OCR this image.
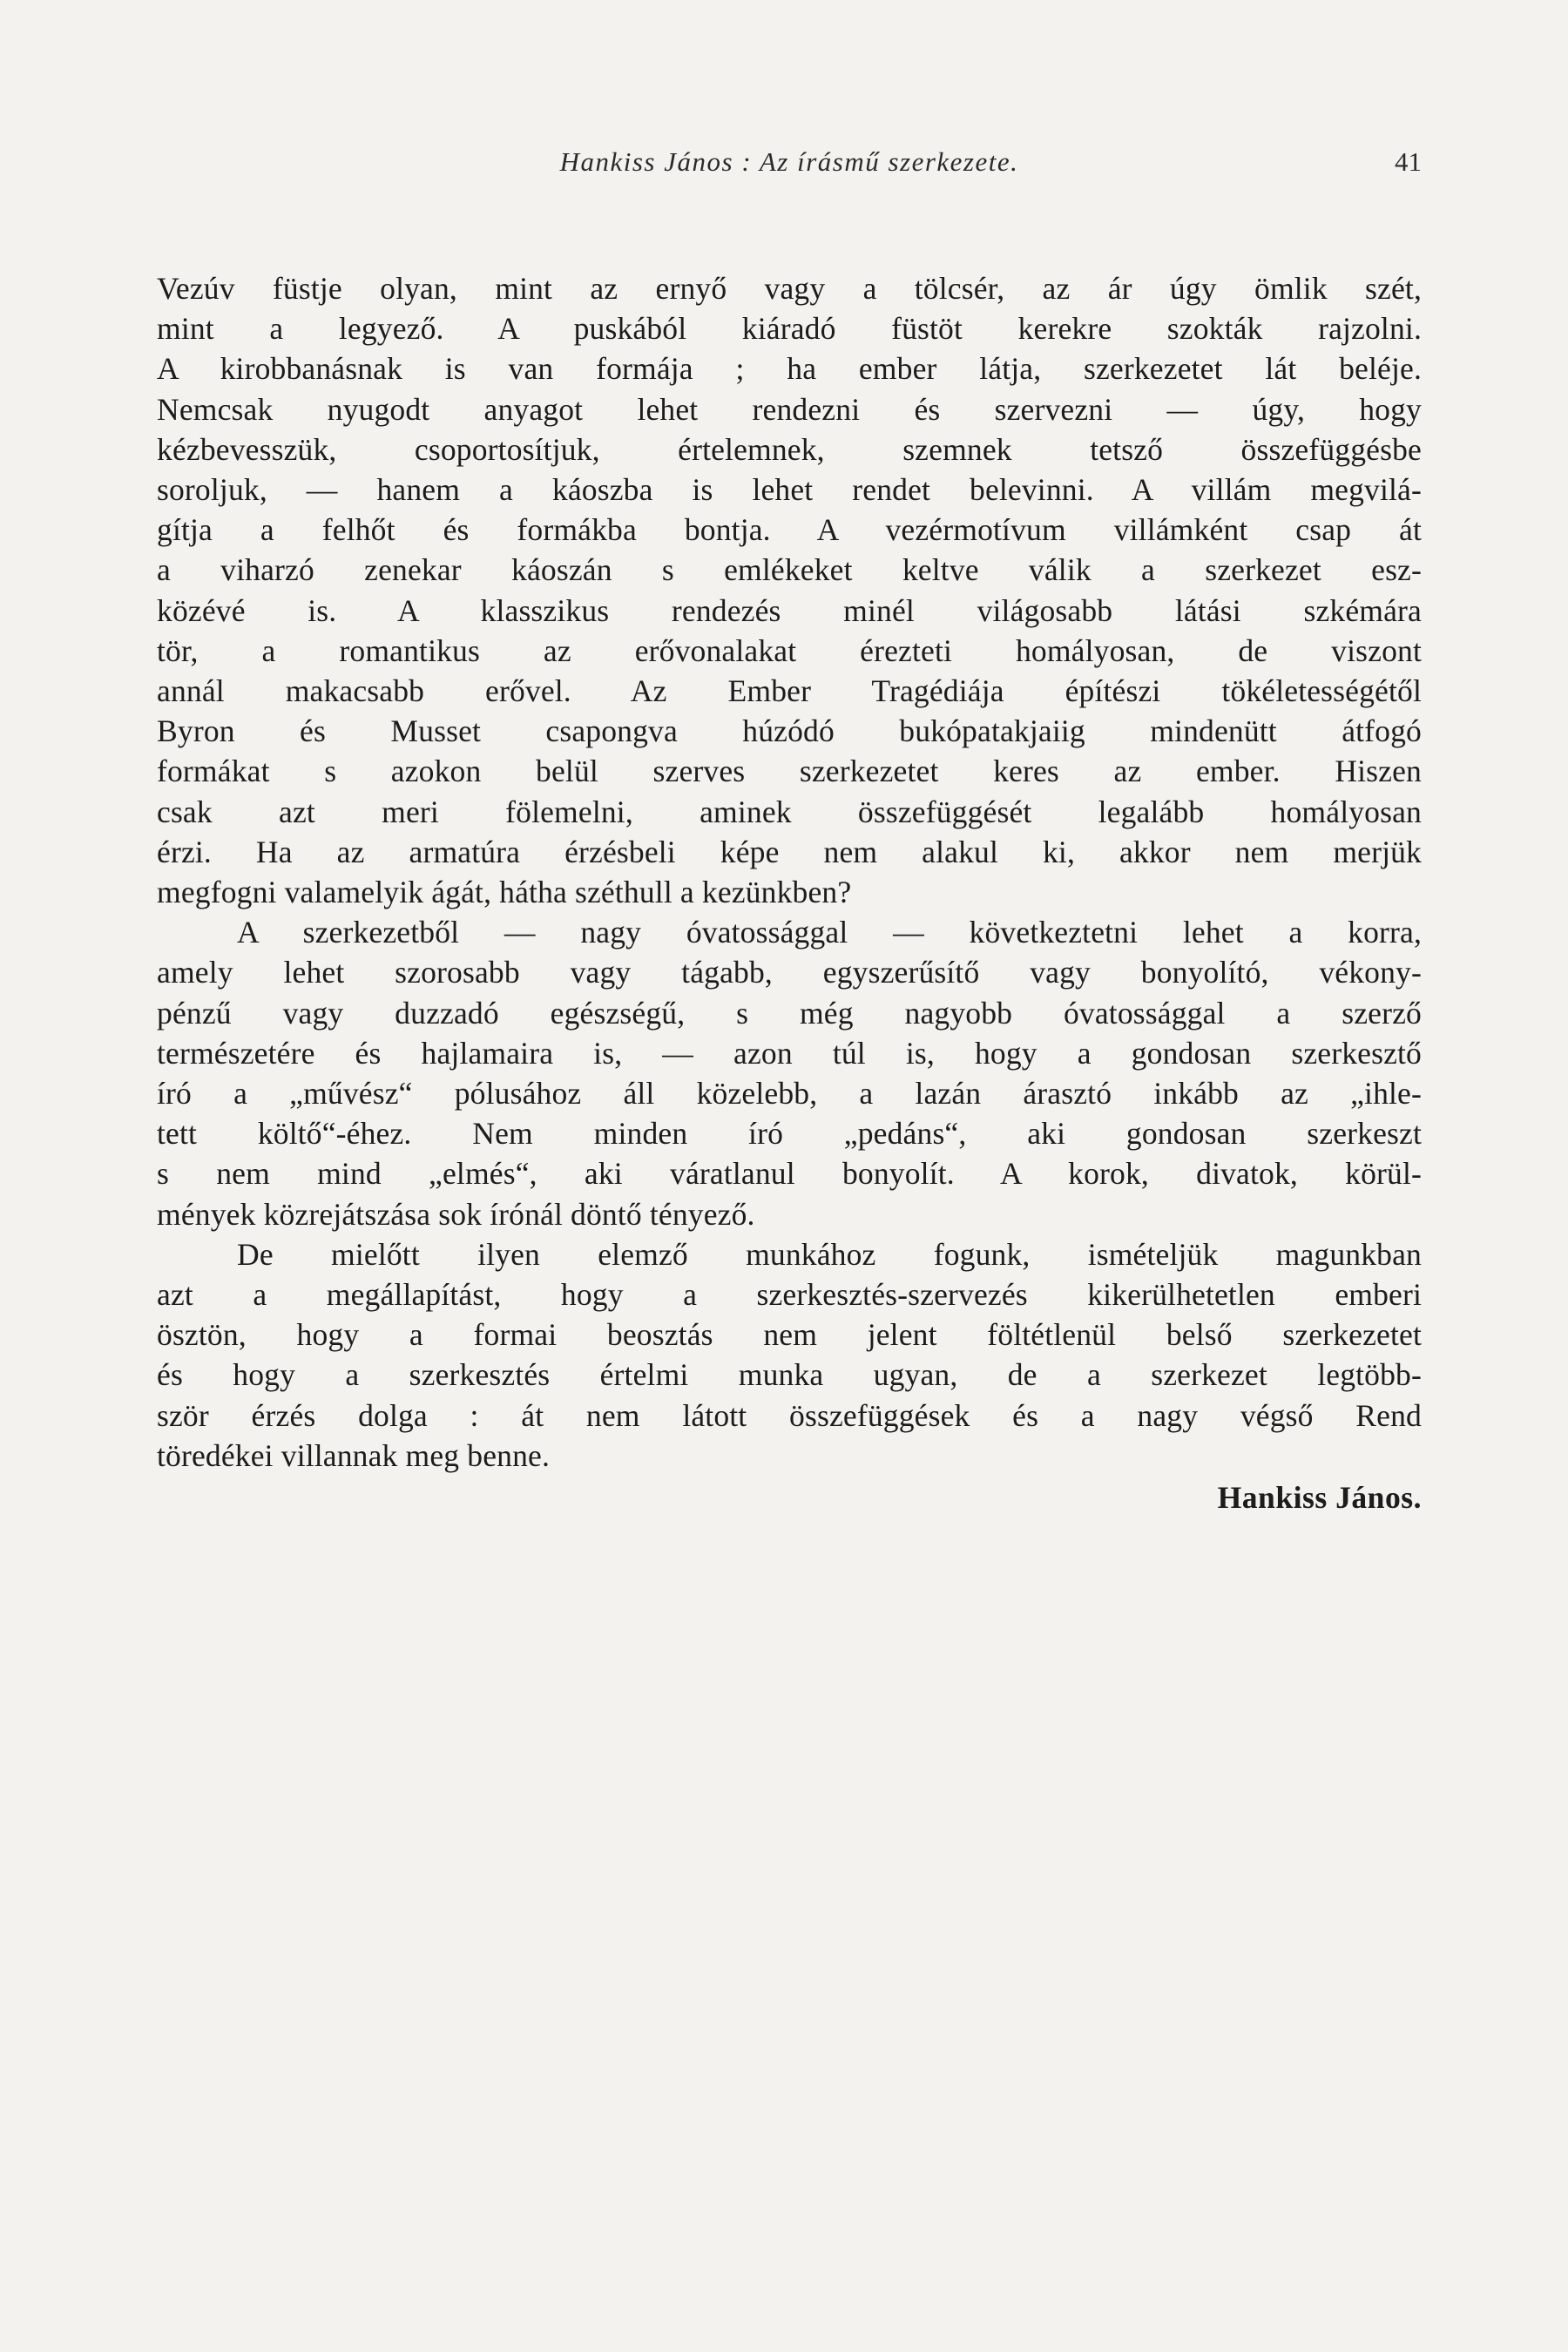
Hankiss János : Az írásmű szerkezete.	41
Vezúv füstje olyan, mint az ernyő vagy a tölcsér, az ár úgy ömlik szét,
mint a legyező. A puskából kiáradó füstöt kerekre szokták rajzolni.
A kirobbanásnak is van formája ; ha ember látja, szerkezetet lát beléje.
Nemcsak nyugodt anyagot lehet rendezni és szervezni — úgy, hogy
kézbevesszük, csoportosítjuk, értelemnek, szemnek tetsző összefüggésbe
soroljuk, — hanem a káoszba is lehet rendet belevinni. A villám megvilá-
gítja a felhőt és formákba bontja. A vezérmotívum villámként csap át
a viharzó zenekar káoszán s emlékeket keltve válik a szerkezet esz-
közévé is. A klasszikus rendezés minél világosabb látási szkémára
tör, a romantikus az erővonalakat érezteti homályosan, de viszont
annál makacsabb erővel. Az Ember Tragédiája építészi tökéletességétől
Byron és Musset csapongva húzódó bukópatakjaiig mindenütt átfogó
formákat s azokon belül szerves szerkezetet keres az ember. Hiszen
csak azt meri fölemelni, aminek összefüggését legalább homályosan
érzi. Ha az armatúra érzésbeli képe nem alakul ki, akkor nem merjük
megfogni valamelyik ágát, hátha széthull a kezünkben?
A szerkezetből — nagy óvatossággal — következtetni lehet a korra,
amely lehet szorosabb vagy tágabb, egyszerűsítő vagy bonyolító, vékony-
pénzű vagy duzzadó egészségű, s még nagyobb óvatossággal a szerző
természetére és hajlamaira is, — azon túl is, hogy a gondosan szerkesztő
író a „művész“ pólusához áll közelebb, a lazán árasztó inkább az „ihle-
tett költő“-éhez. Nem minden író „pedáns“, aki gondosan szerkeszt
s nem mind „elmés“, aki váratlanul bonyolít. A korok, divatok, körül-
mények közrejátszása sok írónál döntő tényező.
De mielőtt ilyen elemző munkához fogunk, ismételjük magunkban
azt a megállapítást, hogy a szerkesztés-szervezés kikerülhetetlen emberi
ösztön, hogy a formai beosztás nem jelent föltétlenül belső szerkezetet
és hogy a szerkesztés értelmi munka ugyan, de a szerkezet legtöbb-
ször érzés dolga : át nem látott összefüggések és a nagy végső Rend
töredékei villannak meg benne.
Hankiss János.
